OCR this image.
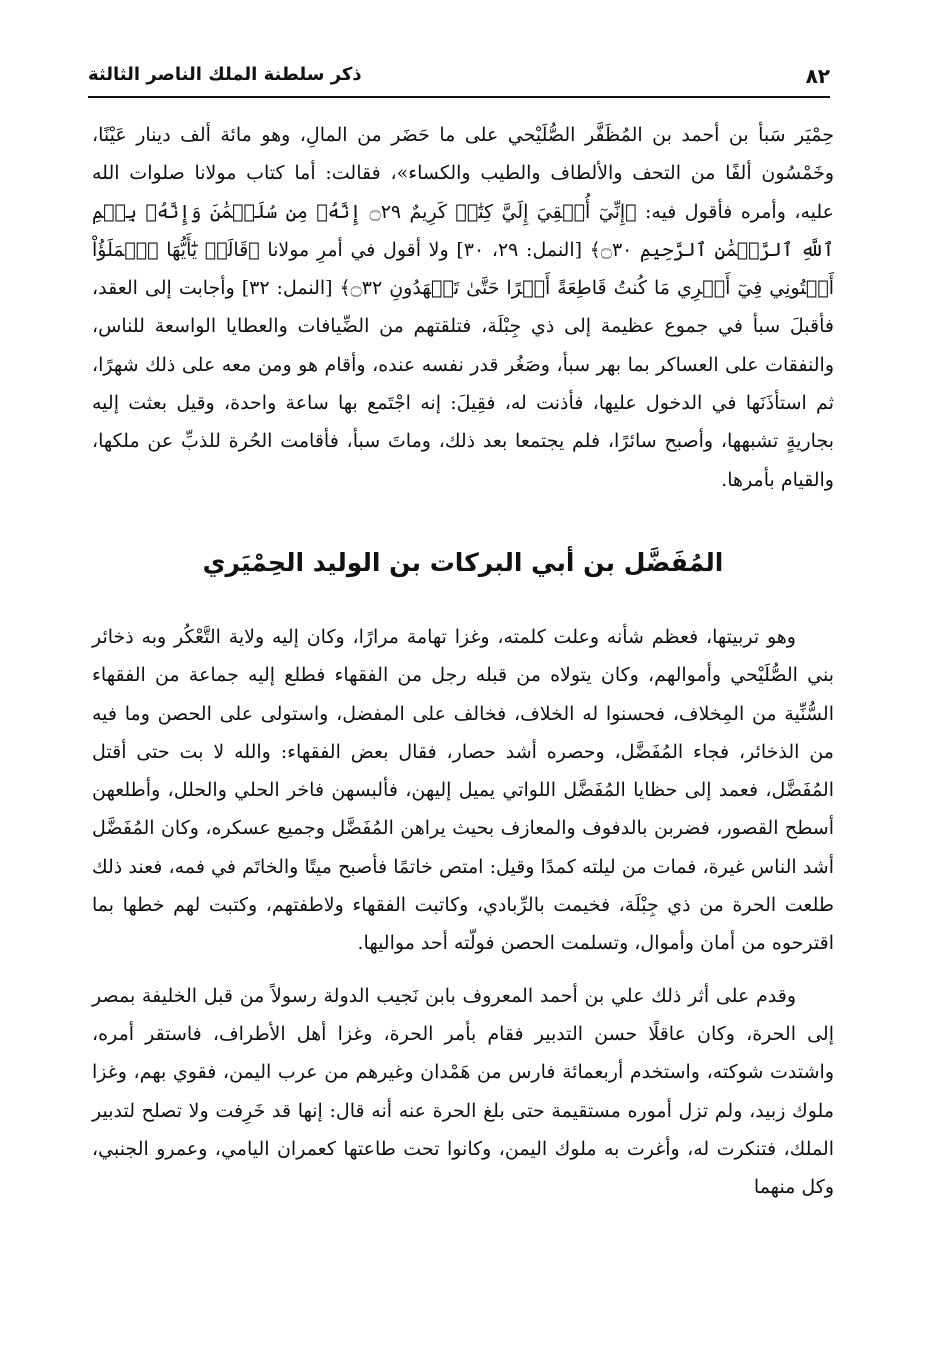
٨٢
ذكر سلطنة الملك الناصر الثالثة

حِمْيَر سَبأ بن أحمد بن المُظَفَّر الصُّلَيْحي على ما حَضَر من المالِ، وهو مائة ألف دينار عَيْنًا، وخَمْسُون ألفًا من التحف والألطاف والطيب والكساء»، فقالت: أما كتاب مولانا صلوات الله عليه، وأمره فأقول فيه: ﴿إِنِّيٓ أُلۡقِيَ إِلَيَّ كِتَٰبٞ كَرِيمٌ ۝٢٩ إِنَّهُۥ مِن سُلَيۡمَٰنَ وَإِنَّهُۥ بِسۡمِ ٱللَّهِ ٱلرَّحۡمَٰنِ ٱلرَّحِيمِ ۝٣٠﴾ [النمل: ٢٩، ٣٠] ولا أقول في أمرِ مولانا ﴿قَالَتۡ يَٰٓأَيُّهَا ٱلۡمَلَؤُاْ أَفۡتُونِي فِيٓ أَمۡرِي مَا كُنتُ قَاطِعَةً أَمۡرًا حَتَّىٰ تَشۡهَدُونِ ۝٣٢﴾ [النمل: ٣٢] وأجابت إلى العقد، فأقبلَ سبأ في جموع عظيمة إلى ذي جِبْلَة، فتلقتهم من الضِّيافات والعطايا الواسعة للناس، والنفقات على العساكر بما بهر سبأ، وصَغُر قدر نفسه عنده، وأقام هو ومن معه على ذلك شهرًا، ثم استأذَنَها في الدخول عليها، فأذنت له، فقِيلَ: إنه اجْتَمع بها ساعة واحدة، وقيل بعثت إليه بجاريةٍ تشبهها، وأصبح سائرًا، فلم يجتمعا بعد ذلك، وماتَ سبأ، فأقامت الحُرة للذبِّ عن ملكها، والقيام بأمرها.

المُفَضَّل بن أبي البركات بن الوليد الحِمْيَري

وهو تربيتها، فعظم شأنه وعلت كلمته، وغزا تهامة مرارًا، وكان إليه ولاية التَّعْكُر وبه ذخائر بني الصُّلَيْحي وأموالهم، وكان يتولاه من قبله رجل من الفقهاء فطلع إليه جماعة من الفقهاء السُّنِّية من المِخلاف، فحسنوا له الخلاف، فخالف على المفضل، واستولى على الحصن وما فيه من الذخائر، فجاء المُفَضَّل، وحصره أشد حصار، فقال بعض الفقهاء: والله لا بت حتى أقتل المُفَضَّل، فعمد إلى حظايا المُفَضَّل اللواتي يميل إليهن، فألبسهن فاخر الحلي والحلل، وأطلعهن أسطح القصور، فضربن بالدفوف والمعازف بحيث يراهن المُفَضَّل وجميع عسكره، وكان المُفَضَّل أشد الناس غيرة، فمات من ليلته كمدًا وقيل: امتص خاتمًا فأصبح ميتًا والخاتَم في فمه، فعند ذلك طلعت الحرة من ذي جِبْلَة، فخيمت بالرِّبادي، وكاتبت الفقهاء ولاطفتهم، وكتبت لهم خطها بما اقترحوه من أمان وأموال، وتسلمت الحصن فولّته أحد مواليها.

وقدم على أثر ذلك علي بن أحمد المعروف بابن نَجيب الدولة رسولاً من قبل الخليفة بمصر إلى الحرة، وكان عاقلًا حسن التدبير فقام بأمر الحرة، وغزا أهل الأطراف، فاستقر أمره، واشتدت شوكته، واستخدم أربعمائة فارس من هَمْدان وغيرهم من عرب اليمن، فقوي بهم، وغزا ملوك زبيد، ولم تزل أموره مستقيمة حتى بلغ الحرة عنه أنه قال: إنها قد خَرِفت ولا تصلح لتدبير الملك، فتنكرت له، وأغرت به ملوك اليمن، وكانوا تحت طاعتها كعمران اليامي، وعمرو الجنبي، وكل منهما
